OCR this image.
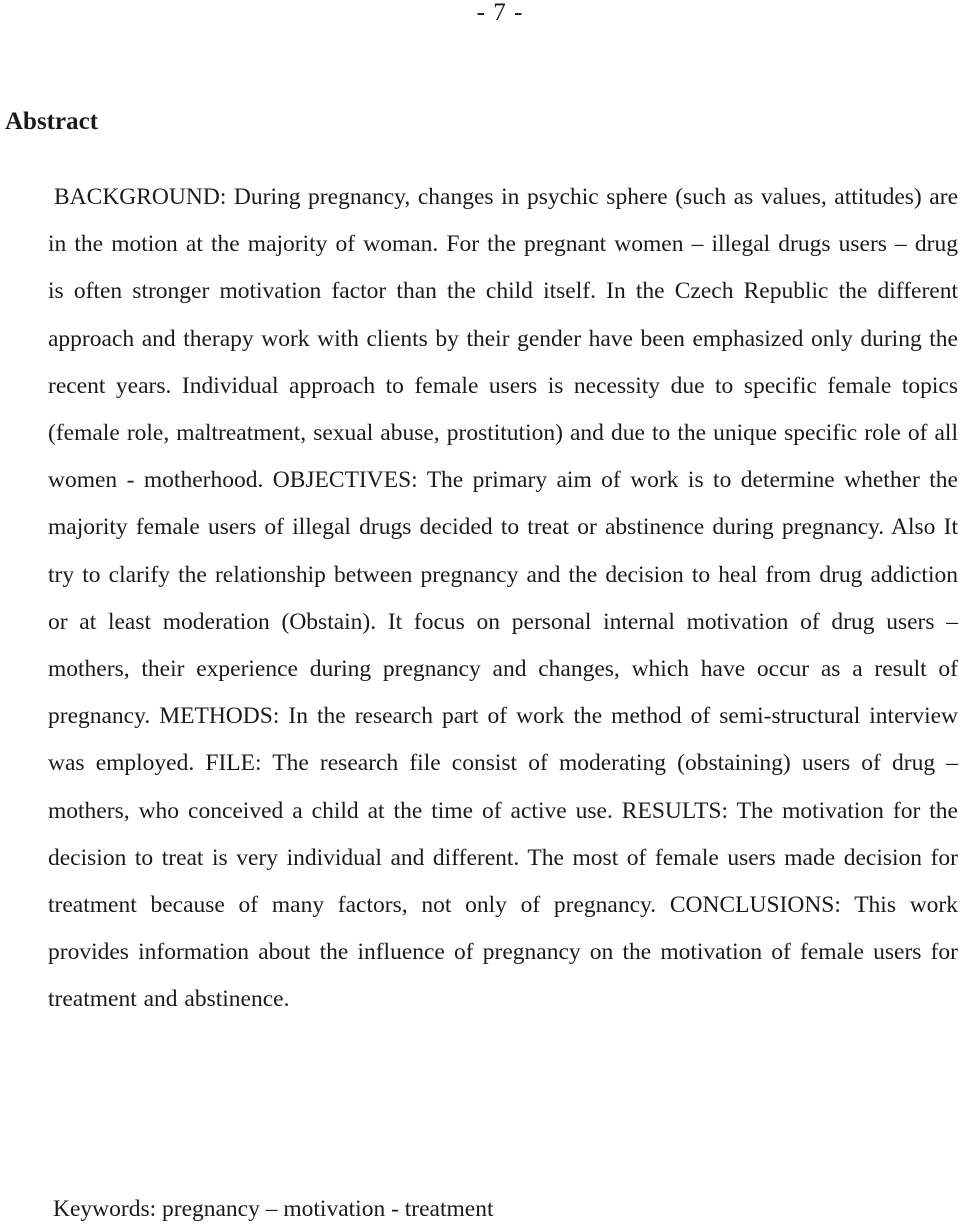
- 7 -
Abstract

BACKGROUND: During pregnancy, changes in psychic sphere (such as values, attitudes) are in the motion at the majority of woman. For the pregnant women – illegal drugs users – drug is often stronger motivation factor than the child itself. In the Czech Republic the different approach and therapy work with clients by their gender have been emphasized only during the recent years. Individual approach to female users is necessity due to specific female topics (female role, maltreatment, sexual abuse, prostitution) and due to the unique specific role of all women - motherhood. OBJECTIVES: The primary aim of work is to determine whether the majority female users of illegal drugs decided to treat or abstinence during pregnancy. Also It try to clarify the relationship between pregnancy and the decision to heal from drug addiction or at least moderation (Obstain). It focus on personal internal motivation of drug users – mothers, their experience during pregnancy and changes, which have occur as a result of pregnancy. METHODS: In the research part of work the method of semi-structural interview was employed. FILE: The research file consist of moderating (obstaining) users of drug – mothers, who conceived a child at the time of active use. RESULTS: The motivation for the decision to treat is very individual and different. The most of female users made decision for treatment because of many factors, not only of pregnancy. CONCLUSIONS: This work provides information about the influence of pregnancy on the motivation of female users for treatment and abstinence.

Keywords: pregnancy – motivation - treatment
